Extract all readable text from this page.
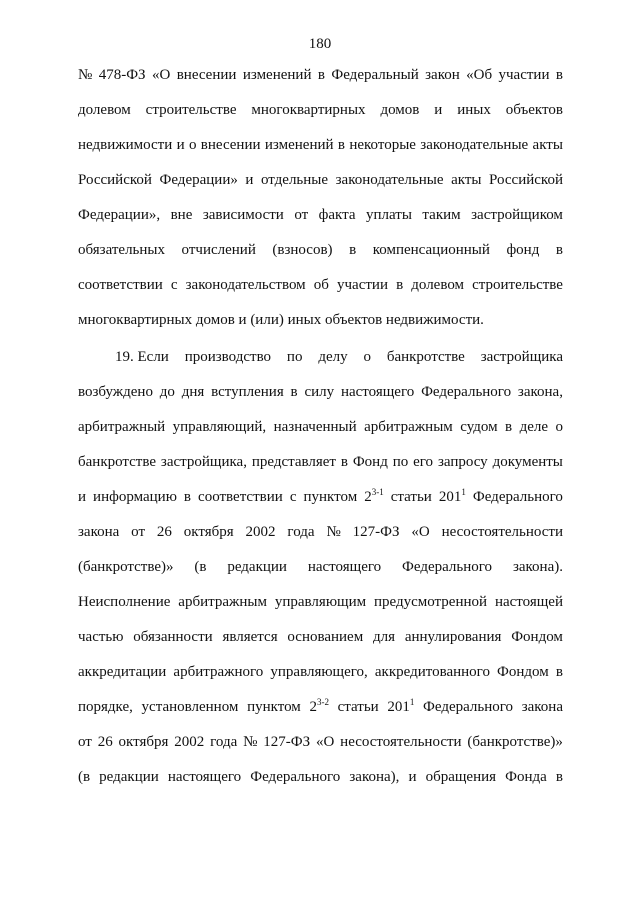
180
№ 478-ФЗ «О внесении изменений в Федеральный закон «Об участии в
долевом строительстве многоквартирных домов и иных объектов
недвижимости и о внесении изменений в некоторые законодательные акты
Российской Федерации» и отдельные законодательные акты Российской
Федерации», вне зависимости от факта уплаты таким застройщиком
обязательных отчислений (взносов) в компенсационный фонд в
соответствии с законодательством об участии в долевом строительстве
многоквартирных домов и (или) иных объектов недвижимости.
19. Если производство по делу о банкротстве застройщика
возбуждено до дня вступления в силу настоящего Федерального закона,
арбитражный управляющий, назначенный арбитражным судом в деле о
банкротстве застройщика, представляет в Фонд по его запросу документы
и информацию в соответствии с пунктом 2$^{3-1}$ статьи $201^1$ Федерального
закона от 26 октября 2002 года № 127-ФЗ «О несостоятельности
(банкротстве)» (в редакции настоящего Федерального закона).
Неисполнение арбитражным управляющим предусмотренной настоящей
частью обязанности является основанием для аннулирования Фондом
аккредитации арбитражного управляющего, аккредитованного Фондом в
порядке, установленном пунктом 2$^{3-2}$ статьи $201^1$ Федерального закона
от 26 октября 2002 года № 127-ФЗ «О несостоятельности (банкротстве)»
(в редакции настоящего Федерального закона), и обращения Фонда в
